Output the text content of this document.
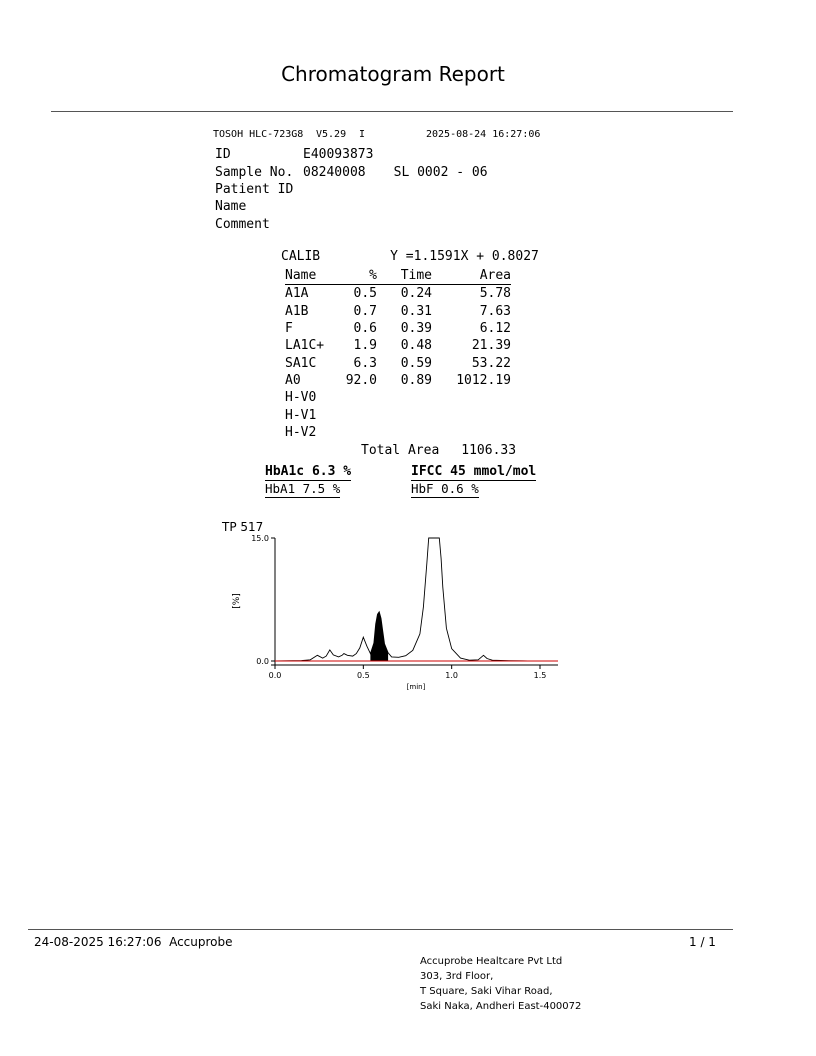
Chromatogram Report
TOSOH HLC-723G8 V5.29 I	2025-08-24 16:27:06
ID	E40093873
Sample No. 08240008 SL 0002 - 06
Patient ID
Name
Comment
CALIB	Y =1.1591X + 0.8027
Name	%	Time	Area
A1A	0.5	0.24	5.78
A1B	0.7	0.31	7.63
F	0.6	0.39	6.12
LA1C+	1.9	0.48	21.39
SA1C	6.3	0.59	53.22
A0	92.0	0.89	1012.19
H-V0			
H-V1			
H-V2			
Total Area 1106.33
HbA1c 6.3 %	IFCC 45 mmol/mol
HbA1 7.5 %	HbF 0.6 %
TP 517
[%]
[min]
0.0	0.5	1.0	1.5
0.0
15.0
24-08-2025 16:27:06  Accuprobe	1 / 1
Accuprobe Healtcare Pvt Ltd
303, 3rd Floor,
T Square, Saki Vihar Road,
Saki Naka, Andheri East-400072
